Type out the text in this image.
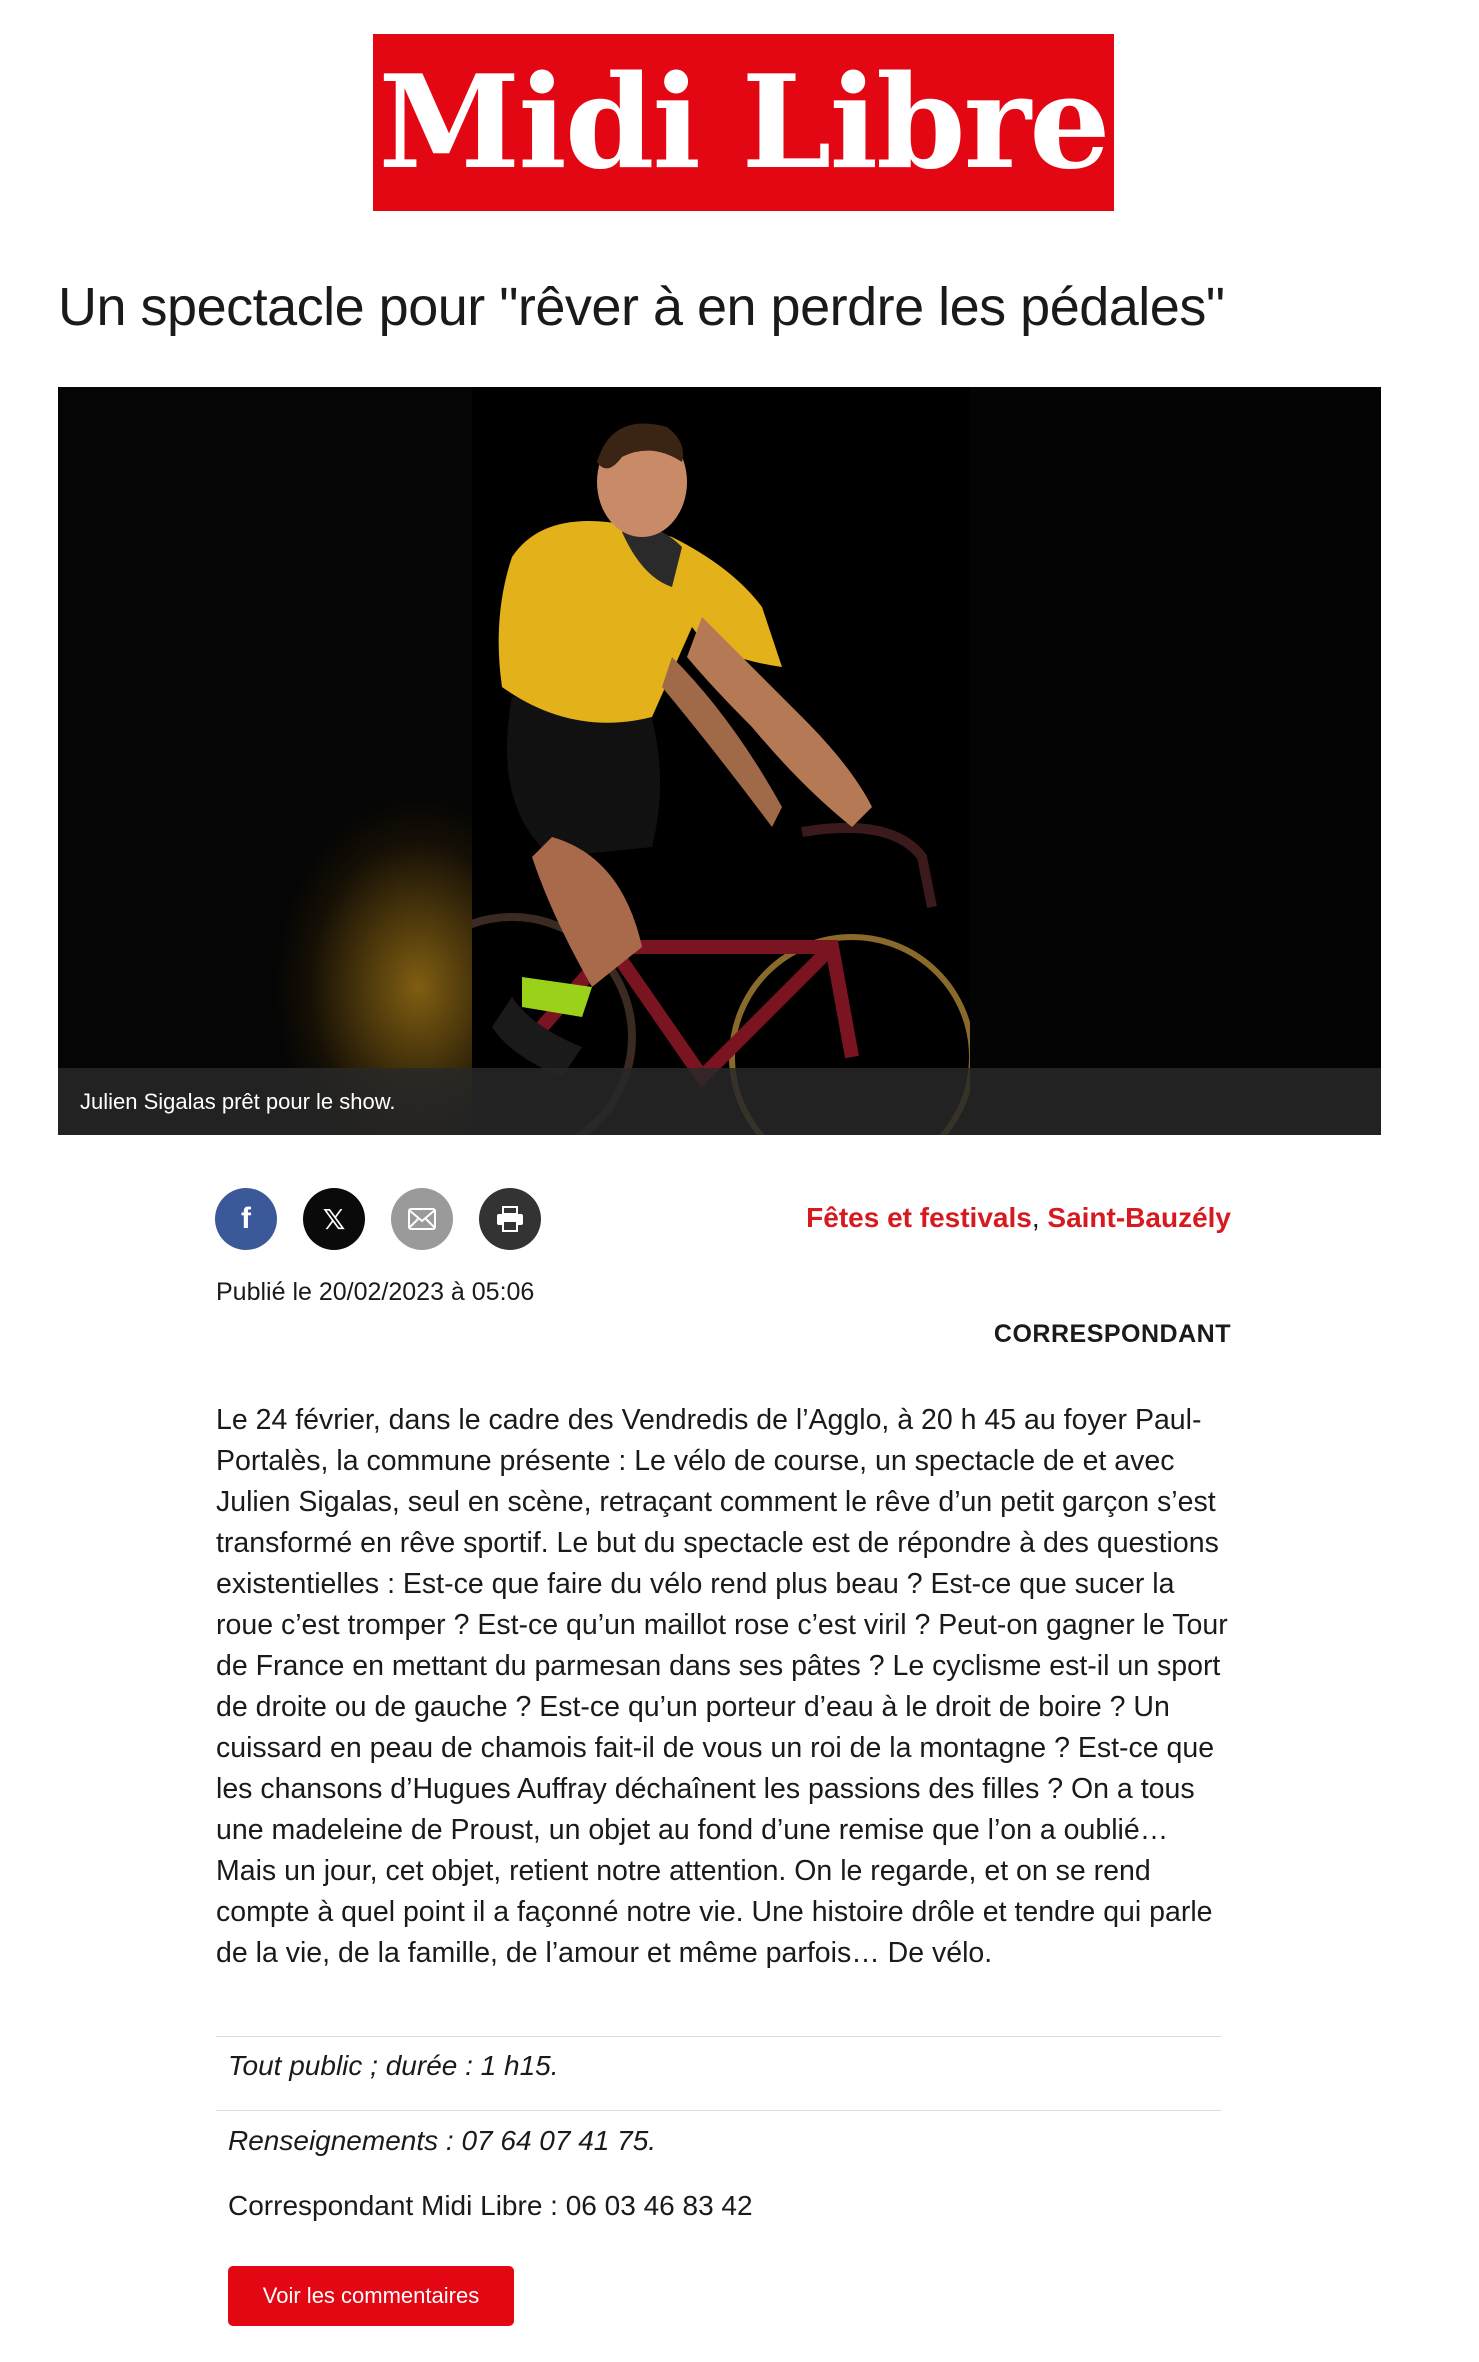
Midi Libre
Un spectacle pour "rêver à en perdre les pédales"
Julien Sigalas prêt pour le show.
f	𝕏	Fêtes et festivals, Saint-Bauzély
Publié le 20/02/2023 à 05:06
CORRESPONDANT

Le 24 février, dans le cadre des Vendredis de l’Agglo, à 20 h 45 au foyer Paul-Portalès, la commune présente : Le vélo de course, un spectacle de et avec Julien Sigalas, seul en scène, retraçant comment le rêve d’un petit garçon s’est transformé en rêve sportif. Le but du spectacle est de répondre à des questions existentielles : Est-ce que faire du vélo rend plus beau ? Est-ce que sucer la roue c’est tromper ? Est-ce qu’un maillot rose c’est viril ? Peut-on gagner le Tour de France en mettant du parmesan dans ses pâtes ? Le cyclisme est-il un sport de droite ou de gauche ? Est-ce qu’un porteur d’eau à le droit de boire ? Un cuissard en peau de chamois fait-il de vous un roi de la montagne ? Est-ce que les chansons d’Hugues Auffray déchaînent les passions des filles ? On a tous une madeleine de Proust, un objet au fond d’une remise que l’on a oublié… Mais un jour, cet objet, retient notre attention. On le regarde, et on se rend compte à quel point il a façonné notre vie. Une histoire drôle et tendre qui parle de la vie, de la famille, de l’amour et même parfois… De vélo.

Tout public ; durée : 1 h15.
Renseignements : 07 64 07 41 75.
Correspondant Midi Libre : 06 03 46 83 42
Voir les commentaires
